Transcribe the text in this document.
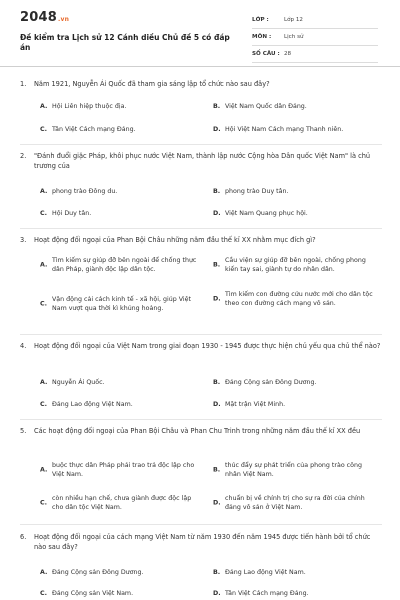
2048.vn
Đề kiểm tra Lịch sử 12 Cánh diều Chủ đề 5 có đáp án
LỚP :	Lớp 12
MÔN :	Lịch sử
SỐ CÂU : 28
1.	Năm 1921, Nguyễn Ái Quốc đã tham gia sáng lập tổ chức nào sau đây?
A. Hội Liên hiệp thuộc địa.	B. Việt Nam Quốc dân Đảng.
C. Tân Việt Cách mạng Đảng.	D. Hội Việt Nam Cách mạng Thanh niên.
2.	"Đánh đuổi giặc Pháp, khôi phục nước Việt Nam, thành lập nước Cộng hòa Dân quốc Việt Nam" là chủ trương của
A. phong trào Đông du.	B. phong trào Duy tân.
C. Hội Duy tân.	D. Việt Nam Quang phục hội.
3.	Hoạt động đối ngoại của Phan Bội Châu những năm đầu thế kỉ XX nhằm mục đích gì?
A.
Tìm kiếm sự giúp đỡ bên ngoài để chống thực dân Pháp, giành độc lập dân tộc.
B.
Cầu viện sự giúp đỡ bên ngoài, chống phong kiến tay sai, giành tự do nhân dân.
C.
Vận động cải cách kinh tế - xã hội, giúp Việt Nam vượt qua thời kì khủng hoảng.
D.
Tìm kiếm con đường cứu nước mới cho dân tộc theo con đường cách mạng vô sản.
4.	Hoạt động đối ngoại của Việt Nam trong giai đoạn 1930 - 1945 được thực hiện chủ yếu qua chủ thể nào?
A. Nguyễn Ái Quốc.	B. Đảng Cộng sản Đông Dương.
C. Đảng Lao động Việt Nam.	D. Mặt trận Việt Minh.
5.	Các hoạt động đối ngoại của Phan Bội Châu và Phan Chu Trinh trong những năm đầu thế kỉ XX đều
A.
buộc thực dân Pháp phải trao trả độc lập cho Việt Nam.
B.
thúc đẩy sự phát triển của phong trào công nhân Việt Nam.
C.
còn nhiều hạn chế, chưa giành được độc lập cho dân tộc Việt Nam.
D.
chuẩn bị về chính trị cho sự ra đời của chính đảng vô sản ở Việt Nam.
6.	Hoạt động đối ngoại của cách mạng Việt Nam từ năm 1930 đến năm 1945 được tiến hành bởi tổ chức nào sau đây?
A. Đảng Cộng sản Đông Dương.	B. Đảng Lao động Việt Nam.
C. Đảng Cộng sản Việt Nam.	D. Tân Việt Cách mạng Đảng.
